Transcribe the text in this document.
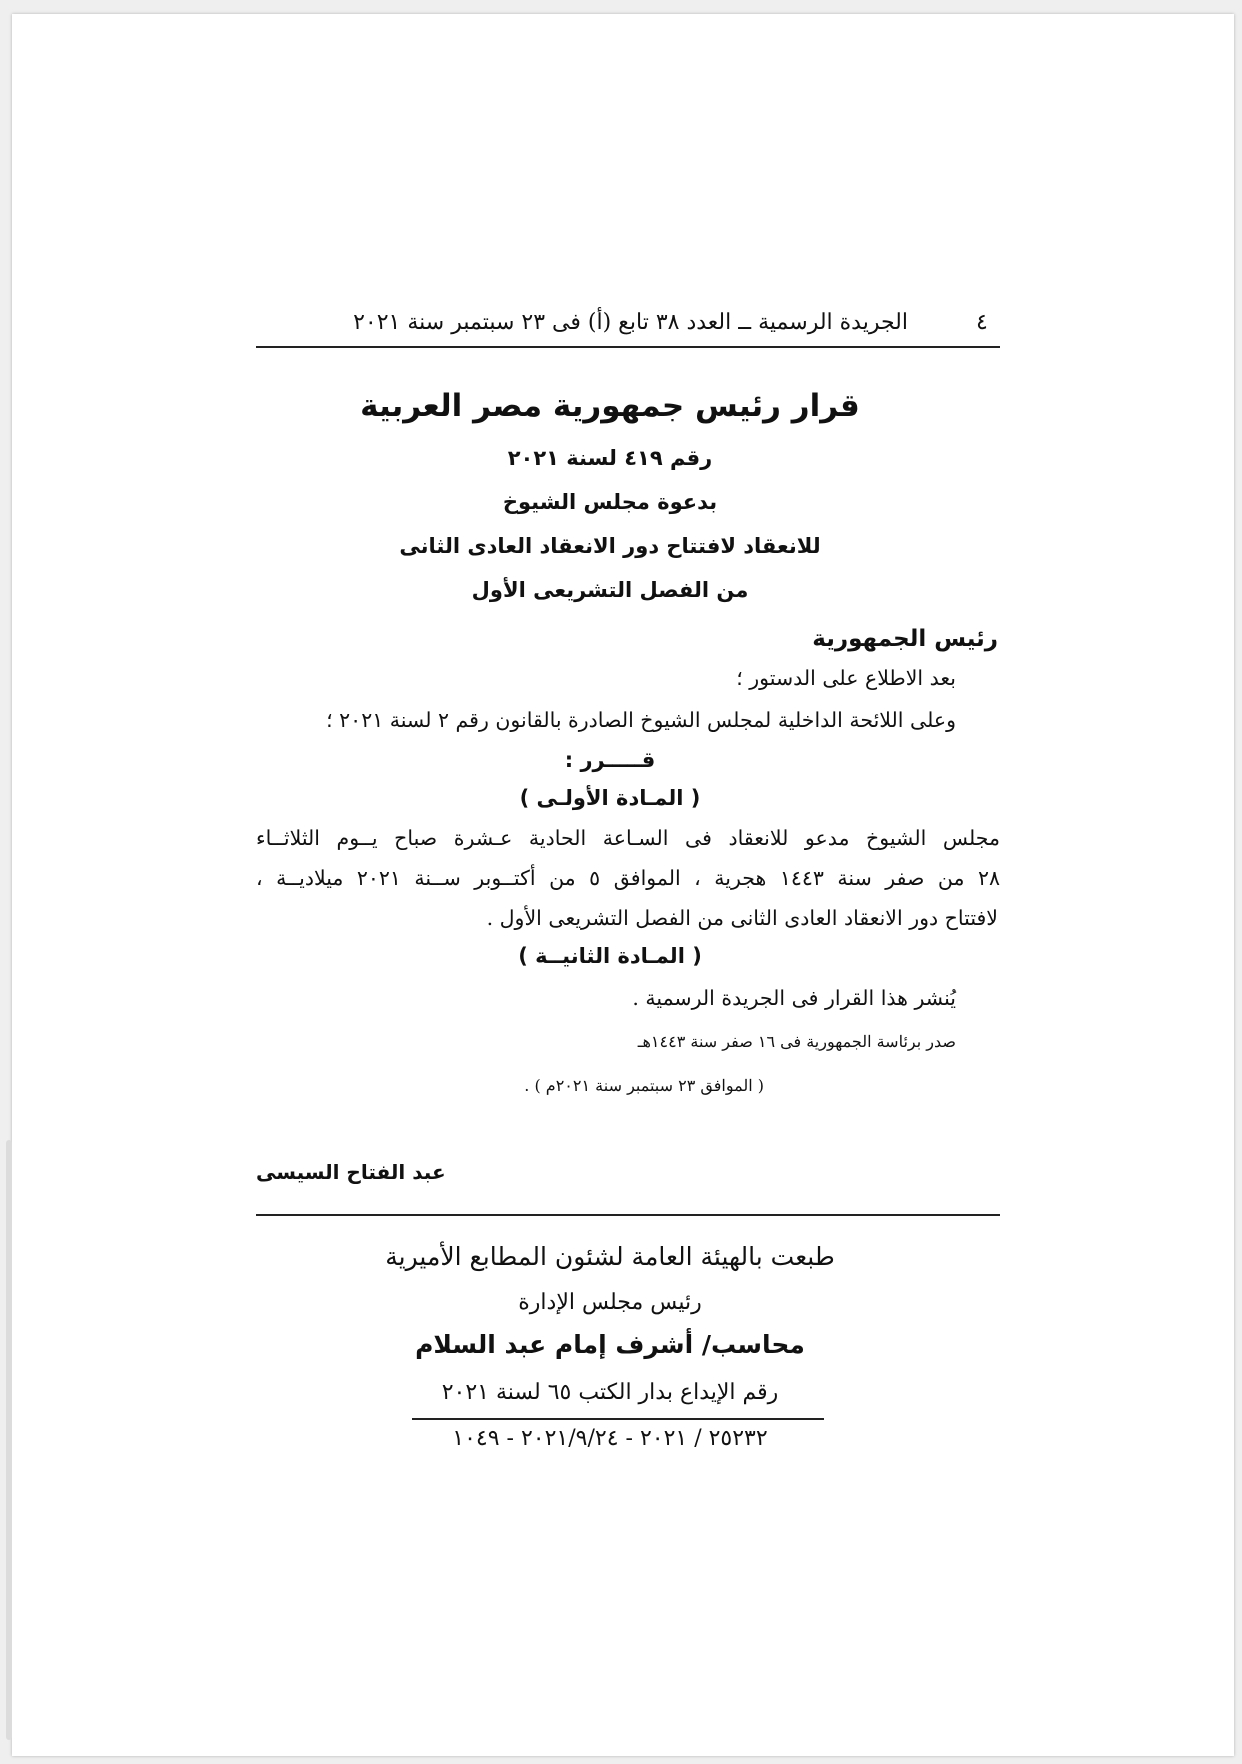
٤
الجريدة الرسمية ــ العدد ٣٨ تابع (أ) فى ٢٣ سبتمبر سنة ٢٠٢١
قرار رئيس جمهورية مصر العربية
رقم ٤١٩ لسنة ٢٠٢١
بدعوة مجلس الشيوخ
للانعقاد لافتتاح دور الانعقاد العادى الثانى
من الفصل التشريعى الأول
رئيس الجمهورية
بعد الاطلاع على الدستور ؛
وعلى اللائحة الداخلية لمجلس الشيوخ الصادرة بالقانون رقم ٢ لسنة ٢٠٢١ ؛
قـــــرر :
( المـادة الأولـى )
مجلس الشيوخ مدعو للانعقاد فى السـاعة الحادية عـشرة صباح يــوم الثلاثــاء
٢٨ من صفر سنة ١٤٤٣ هجرية ، الموافق ٥ من أكتــوبر ســنة ٢٠٢١ ميلاديــة ،
لافتتاح دور الانعقاد العادى الثانى من الفصل التشريعى الأول .
( المـادة الثانيــة )
يُنشر هذا القرار فى الجريدة الرسمية .
صدر برئاسة الجمهورية فى ١٦ صفر سنة ١٤٤٣هـ
( الموافق ٢٣ سبتمبر سنة ٢٠٢١م ) .
عبد الفتاح السيسى
طبعت بالهيئة العامة لشئون المطابع الأميرية
رئيس مجلس الإدارة
محاسب/ أشرف إمام عبد السلام
رقم الإيداع بدار الكتب ٦٥ لسنة ٢٠٢١
٢٥٢٣٢ / ٢٠٢١ - ٢٠٢١/٩/٢٤ - ١٠٤٩
